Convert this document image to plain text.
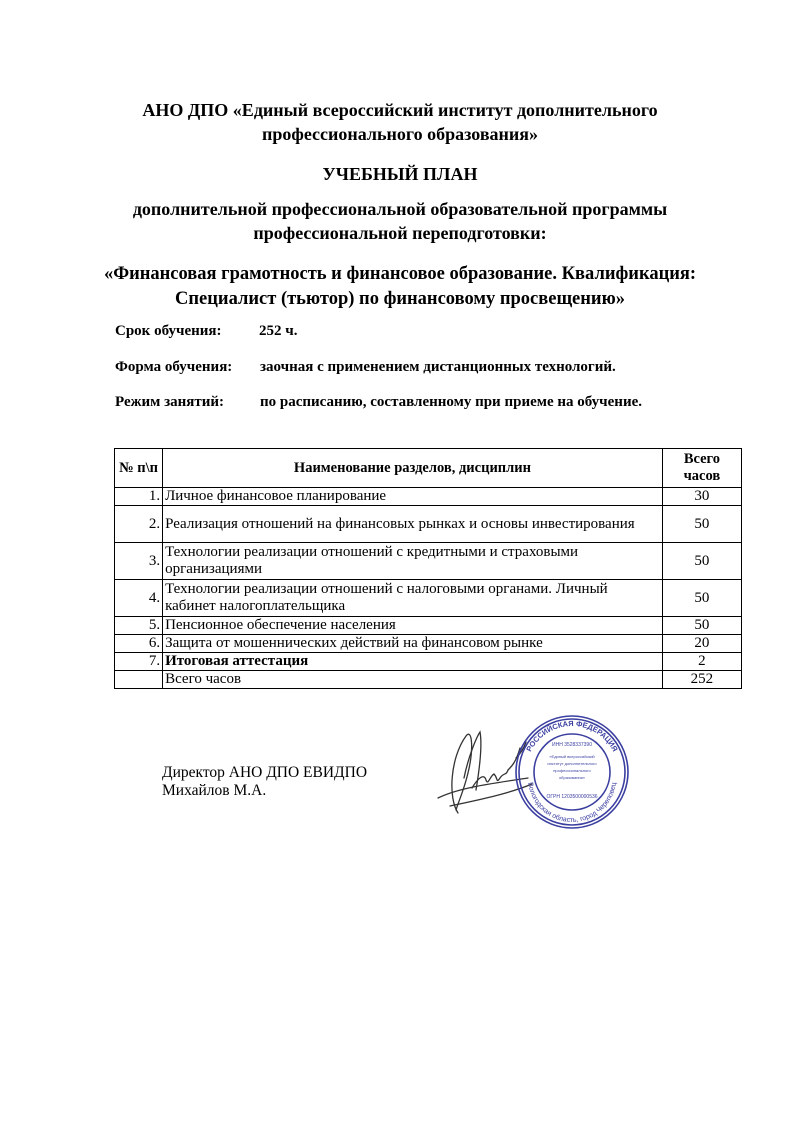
АНО ДПО «Единый всероссийский институт дополнительного
профессионального образования»
УЧЕБНЫЙ ПЛАН
дополнительной профессиональной образовательной программы
профессиональной переподготовки:
«Финансовая грамотность и финансовое образование. Квалификация:
Специалист (тьютор) по финансовому просвещению»
Срок обучения: 252 ч.
Форма обучения: заочная с применением дистанционных технологий.
Режим занятий: по расписанию, составленному при приеме на обучение.
№ п\п	Наименование разделов, дисциплин	Всего
часов

1.	Личное финансовое планирование	30
2.	Реализация отношений на финансовых рынках и основы инвестирования	50
3.	Технологии реализации отношений с кредитными и страховыми организациями	50
4.	Технологии реализации отношений с налоговыми органами. Личный кабинет налогоплательщика	50
5.	Пенсионное обеспечение населения	50
6.	Защита от мошеннических действий на финансовом рынке	20
7.	Итоговая аттестация	2
	Всего часов	252
Директор АНО ДПО ЕВИДПО
Михайлов М.А.
РОССИЙСКАЯ ФЕДЕРАЦИЯ
Вологодская область, город Череповец
ИНН 3528337390
«Единый всероссийский
институт дополнительного
профессионального
образования»
ОГРН 1203500000536
